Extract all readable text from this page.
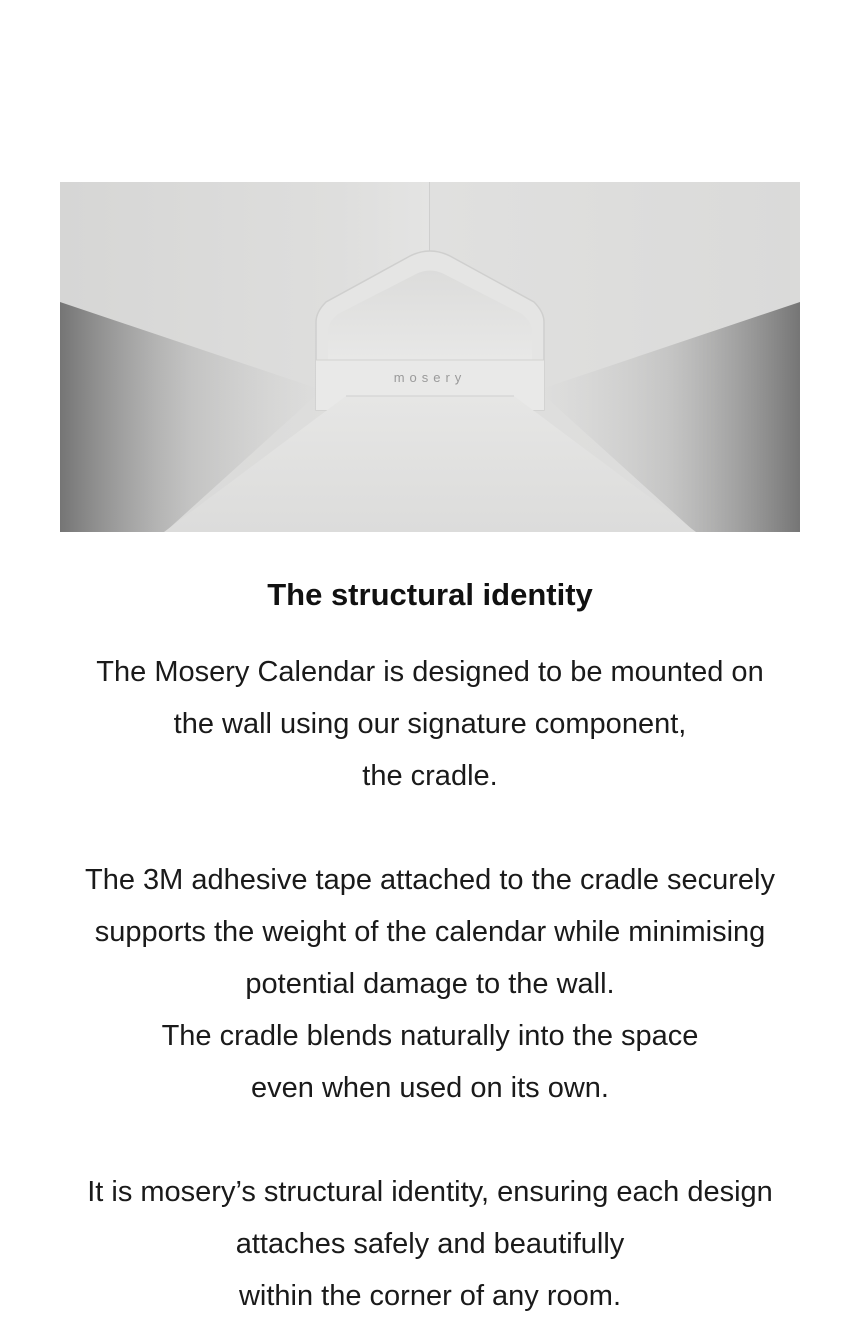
mosery
The structural identity

The Mosery Calendar is designed to be mounted on
the wall using our signature component,
the cradle.

The 3M adhesive tape attached to the cradle securely
supports the weight of the calendar while minimising
potential damage to the wall.
The cradle blends naturally into the space
even when used on its own.

It is mosery’s structural identity, ensuring each design
attaches safely and beautifully
within the corner of any room.
